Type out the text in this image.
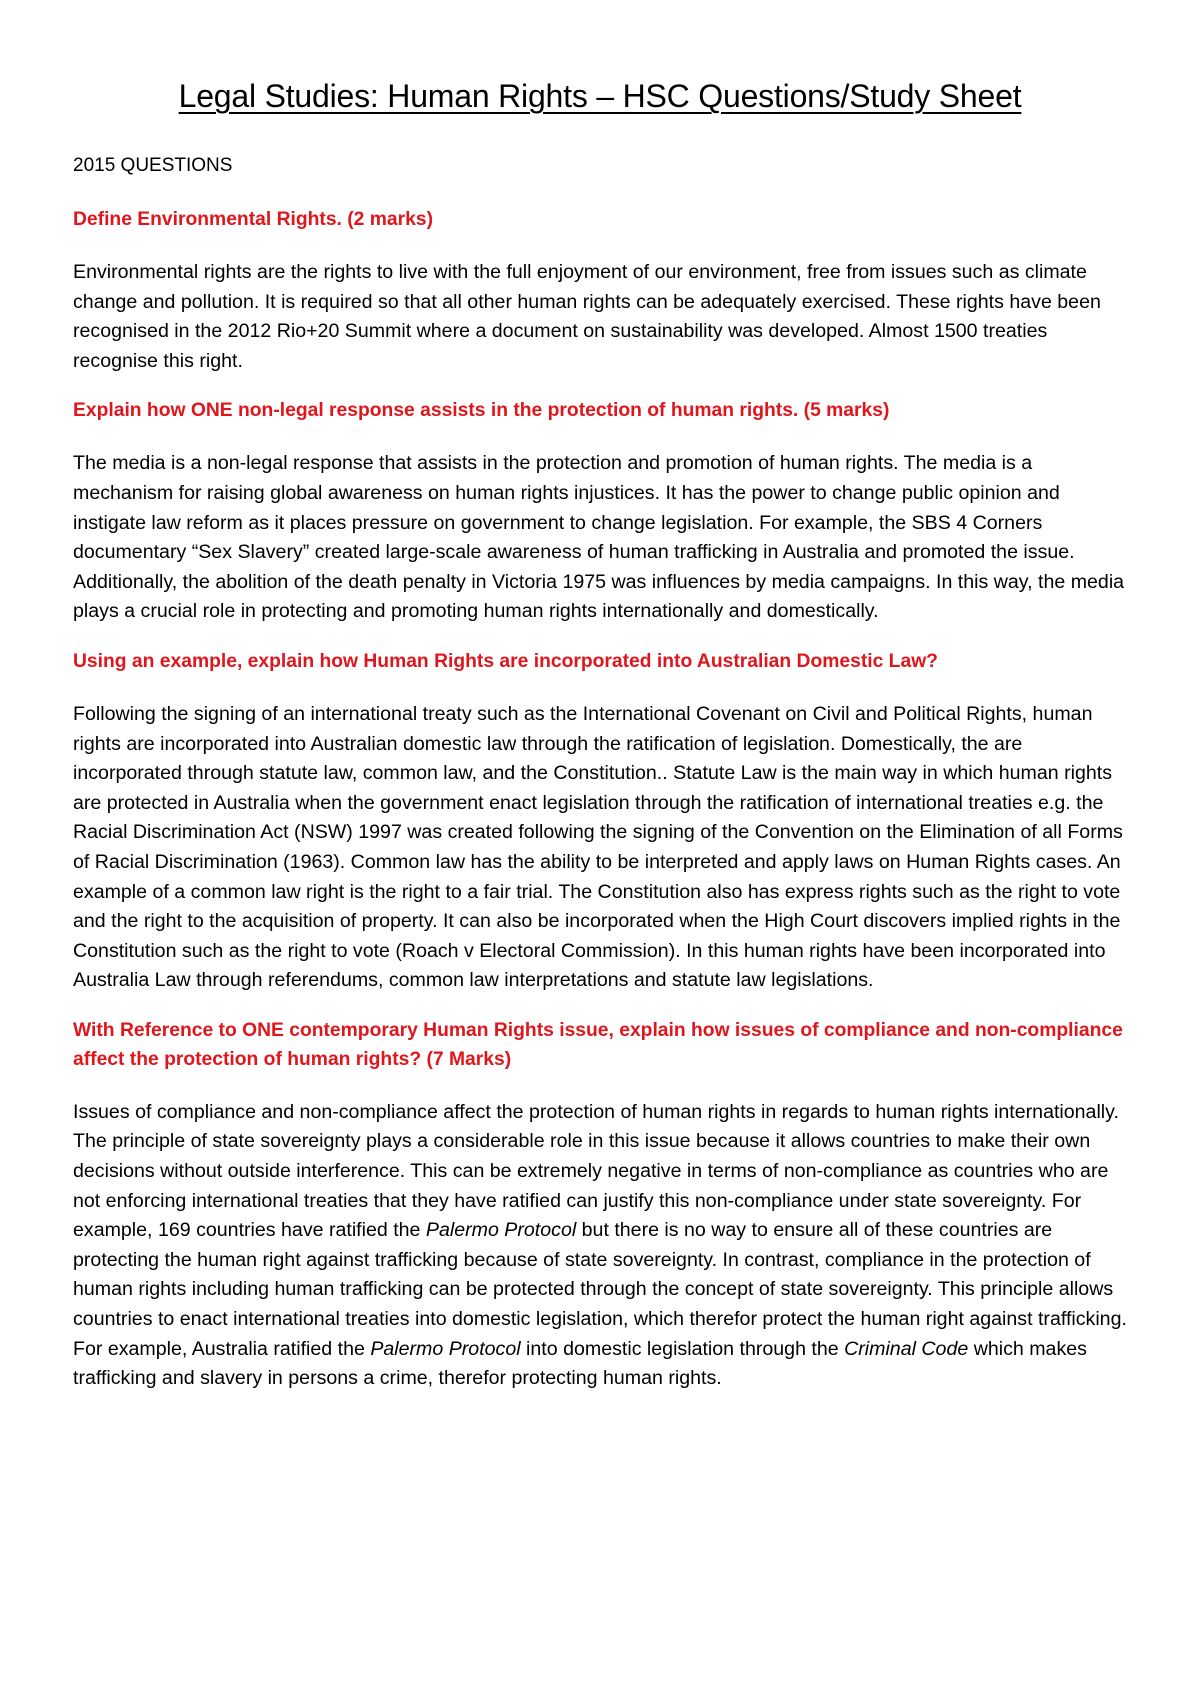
Legal Studies: Human Rights – HSC Questions/Study Sheet
2015 QUESTIONS
Define Environmental Rights. (2 marks)

Environmental rights are the rights to live with the full enjoyment of our environment, free from issues such as climate change and pollution. It is required so that all other human rights can be adequately exercised. These rights have been recognised in the 2012 Rio+20 Summit where a document on sustainability was developed. Almost 1500 treaties recognise this right.

Explain how ONE non-legal response assists in the protection of human rights. (5 marks)

The media is a non-legal response that assists in the protection and promotion of human rights. The media is a mechanism for raising global awareness on human rights injustices. It has the power to change public opinion and instigate law reform as it places pressure on government to change legislation. For example, the SBS 4 Corners documentary “Sex Slavery” created large-scale awareness of human trafficking in Australia and promoted the issue. Additionally, the abolition of the death penalty in Victoria 1975 was influences by media campaigns. In this way, the media plays a crucial role in protecting and promoting human rights internationally and domestically.

Using an example, explain how Human Rights are incorporated into Australian Domestic Law?

Following the signing of an international treaty such as the International Covenant on Civil and Political Rights, human rights are incorporated into Australian domestic law through the ratification of legislation. Domestically, the are incorporated through statute law, common law, and the Constitution.. Statute Law is the main way in which human rights are protected in Australia when the government enact legislation through the ratification of international treaties e.g. the Racial Discrimination Act (NSW) 1997 was created following the signing of the Convention on the Elimination of all Forms of Racial Discrimination (1963). Common law has the ability to be interpreted and apply laws on Human Rights cases. An example of a common law right is the right to a fair trial. The Constitution also has express rights such as the right to vote and the right to the acquisition of property. It can also be incorporated when the High Court discovers implied rights in the Constitution such as the right to vote (Roach v Electoral Commission). In this human rights have been incorporated into Australia Law through referendums, common law interpretations and statute law legislations.

With Reference to ONE contemporary Human Rights issue, explain how issues of compliance and non-compliance affect the protection of human rights? (7 Marks)

Issues of compliance and non-compliance affect the protection of human rights in regards to human rights internationally. The principle of state sovereignty plays a considerable role in this issue because it allows countries to make their own decisions without outside interference. This can be extremely negative in terms of non-compliance as countries who are not enforcing international treaties that they have ratified can justify this non-compliance under state sovereignty. For example, 169 countries have ratified the Palermo Protocol but there is no way to ensure all of these countries are protecting the human right against trafficking because of state sovereignty. In contrast, compliance in the protection of human rights including human trafficking can be protected through the concept of state sovereignty. This principle allows countries to enact international treaties into domestic legislation, which therefor protect the human right against trafficking. For example, Australia ratified the Palermo Protocol into domestic legislation through the Criminal Code which makes trafficking and slavery in persons a crime, therefor protecting human rights.
